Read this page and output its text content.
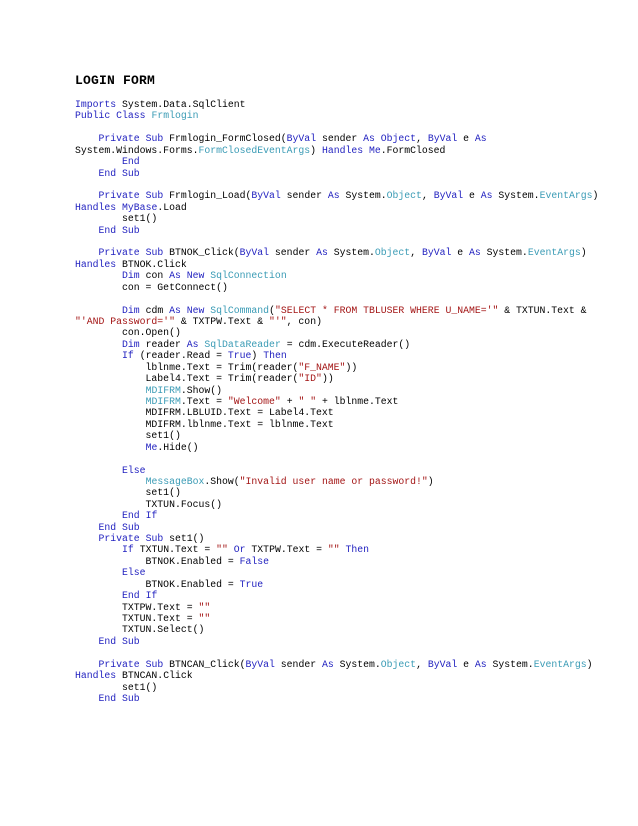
LOGIN FORM
Imports System.Data.SqlClient
Public Class Frmlogin

Private Sub Frmlogin_FormClosed(ByVal sender As Object, ByVal e As
System.Windows.Forms.FormClosedEventArgs) Handles Me.FormClosed
End
End Sub

Private Sub Frmlogin_Load(ByVal sender As System.Object, ByVal e As System.EventArgs)
Handles MyBase.Load
set1()
End Sub

Private Sub BTNOK_Click(ByVal sender As System.Object, ByVal e As System.EventArgs)
Handles BTNOK.Click
Dim con As New SqlConnection
con = GetConnect()

Dim cdm As New SqlCommand("SELECT * FROM TBLUSER WHERE U_NAME='" & TXTUN.Text &
"'AND Password='" & TXTPW.Text & "'", con)
con.Open()
Dim reader As SqlDataReader = cdm.ExecuteReader()
If (reader.Read = True) Then
lblnme.Text = Trim(reader("F_NAME"))
Label4.Text = Trim(reader("ID"))
MDIFRM.Show()
MDIFRM.Text = "Welcome" + " " + lblnme.Text
MDIFRM.LBLUID.Text = Label4.Text
MDIFRM.lblnme.Text = lblnme.Text
set1()
Me.Hide()

Else
MessageBox.Show("Invalid user name or password!")
set1()
TXTUN.Focus()
End If
End Sub
Private Sub set1()
If TXTUN.Text = "" Or TXTPW.Text = "" Then
BTNOK.Enabled = False
Else
BTNOK.Enabled = True
End If
TXTPW.Text = ""
TXTUN.Text = ""
TXTUN.Select()
End Sub

Private Sub BTNCAN_Click(ByVal sender As System.Object, ByVal e As System.EventArgs)
Handles BTNCAN.Click
set1()
End Sub
